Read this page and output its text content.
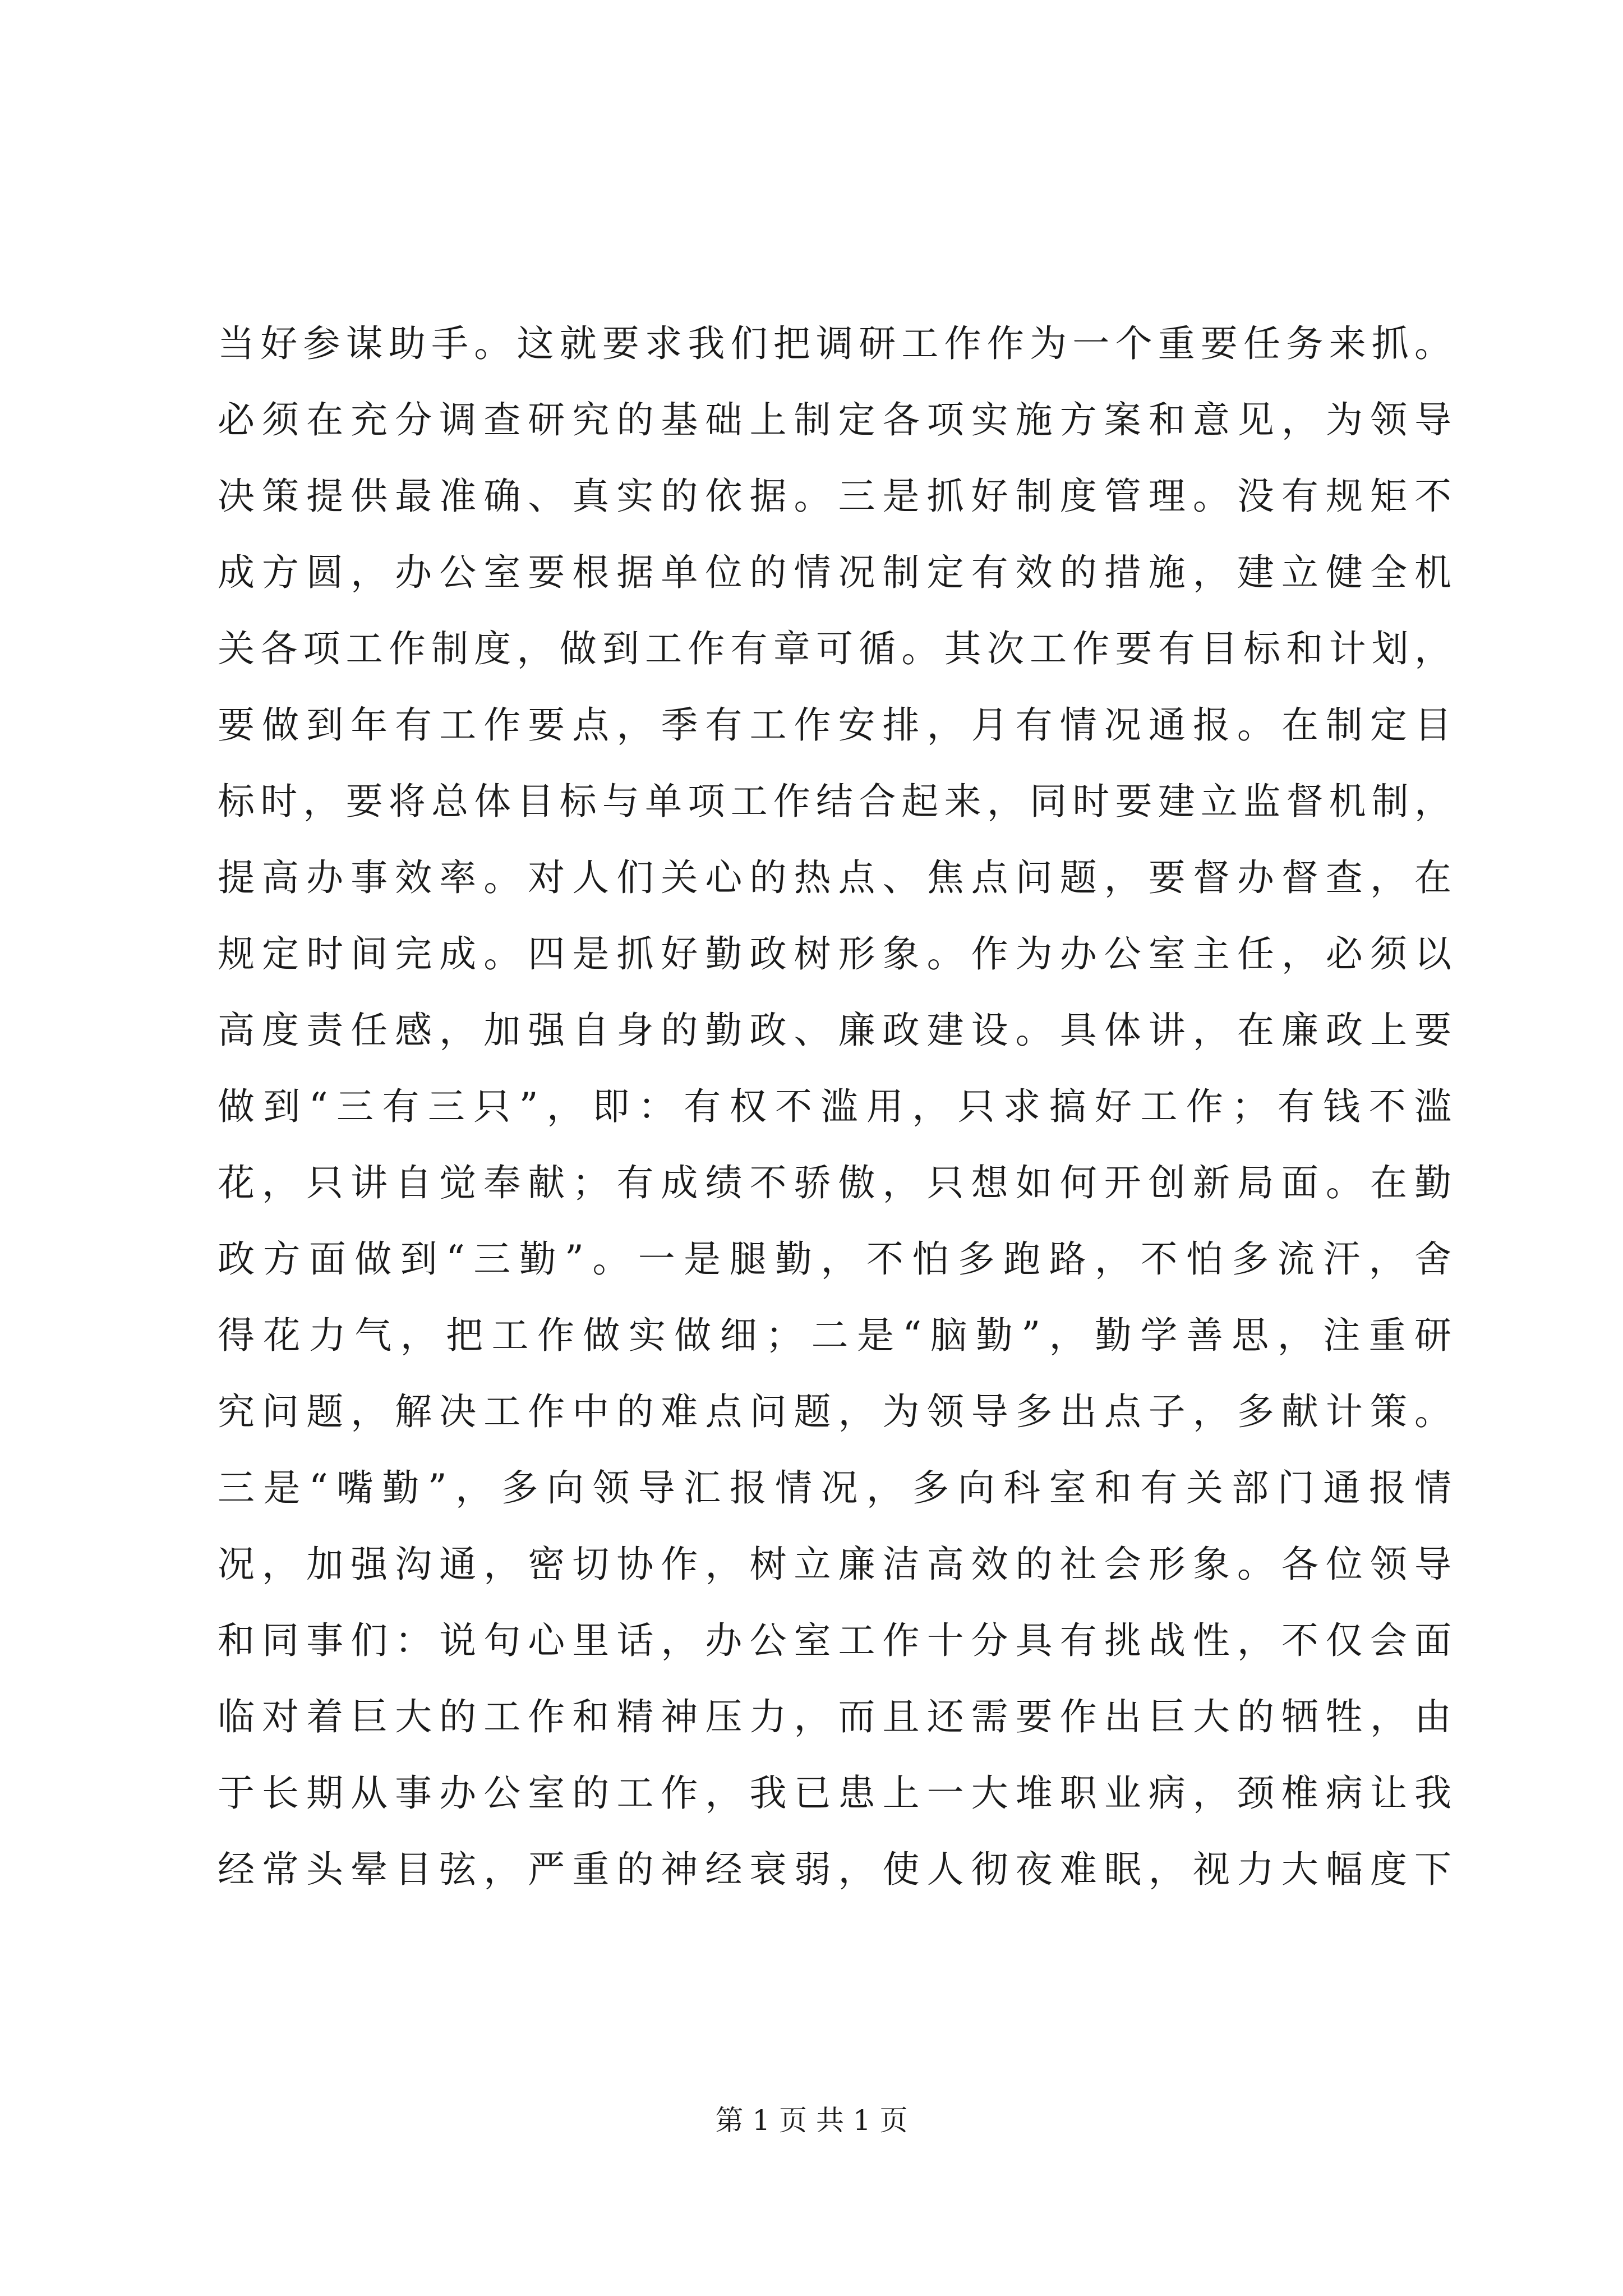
当好参谋助手。这就要求我们把调研工作作为一个重要任务来抓。
必须在充分调查研究的基础上制定各项实施方案和意见，为领导
决策提供最准确、真实的依据。三是抓好制度管理。没有规矩不
成方圆，办公室要根据单位的情况制定有效的措施，建立健全机
关各项工作制度，做到工作有章可循。其次工作要有目标和计划，
要做到年有工作要点，季有工作安排，月有情况通报。在制定目
标时，要将总体目标与单项工作结合起来，同时要建立监督机制，
提高办事效率。对人们关心的热点、焦点问题，要督办督查，在
规定时间完成。四是抓好勤政树形象。作为办公室主任，必须以
高度责任感，加强自身的勤政、廉政建设。具体讲，在廉政上要
做到“三有三只”，即：有权不滥用，只求搞好工作；有钱不滥
花，只讲自觉奉献；有成绩不骄傲，只想如何开创新局面。在勤
政方面做到“三勤”。一是腿勤，不怕多跑路，不怕多流汗，舍
得花力气，把工作做实做细；二是“脑勤”，勤学善思，注重研
究问题，解决工作中的难点问题，为领导多出点子，多献计策。
三是“嘴勤”，多向领导汇报情况，多向科室和有关部门通报情
况，加强沟通，密切协作，树立廉洁高效的社会形象。各位领导
和同事们：说句心里话，办公室工作十分具有挑战性，不仅会面
临对着巨大的工作和精神压力，而且还需要作出巨大的牺牲，由
于长期从事办公室的工作，我已患上一大堆职业病，颈椎病让我
经常头晕目弦，严重的神经衰弱，使人彻夜难眠，视力大幅度下
第 1 页 共 1 页
